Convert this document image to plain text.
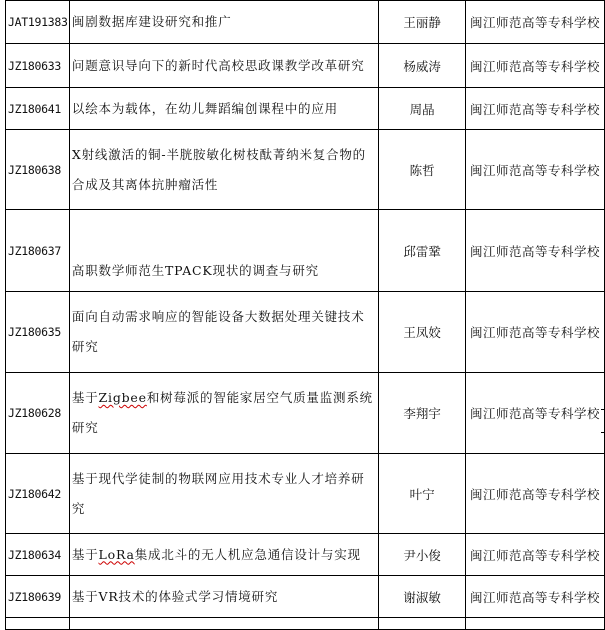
JAT191383	闽剧数据库建设研究和推广	王丽静	闽江师范高等专科学校
JZ180633	问题意识导向下的新时代高校思政课教学改革研究	杨威涛	闽江师范高等专科学校
JZ180641	以绘本为载体，在幼儿舞蹈编创课程中的应用	周晶	闽江师范高等专科学校
JZ180638	X射线激活的铜-半胱胺敏化树枝酞菁纳米复合物的
合成及其离体抗肿瘤活性	陈哲	闽江师范高等专科学校
JZ180637	高职数学师范生TPACK现状的调查与研究	邱雷鞏	闽江师范高等专科学校
JZ180635	面向自动需求响应的智能设备大数据处理关键技术
研究	王凤姣	闽江师范高等专科学校
JZ180628	基于Zigbee和树莓派的智能家居空气质量监测系统
研究	李翔宇	闽江师范高等专科学校
JZ180642	基于现代学徒制的物联网应用技术专业人才培养研
究	叶宁	闽江师范高等专科学校
JZ180634	基于LoRa集成北斗的无人机应急通信设计与实现	尹小俊	闽江师范高等专科学校
JZ180639	基于VR技术的体验式学习情境研究	谢淑敏	闽江师范高等专科学校
